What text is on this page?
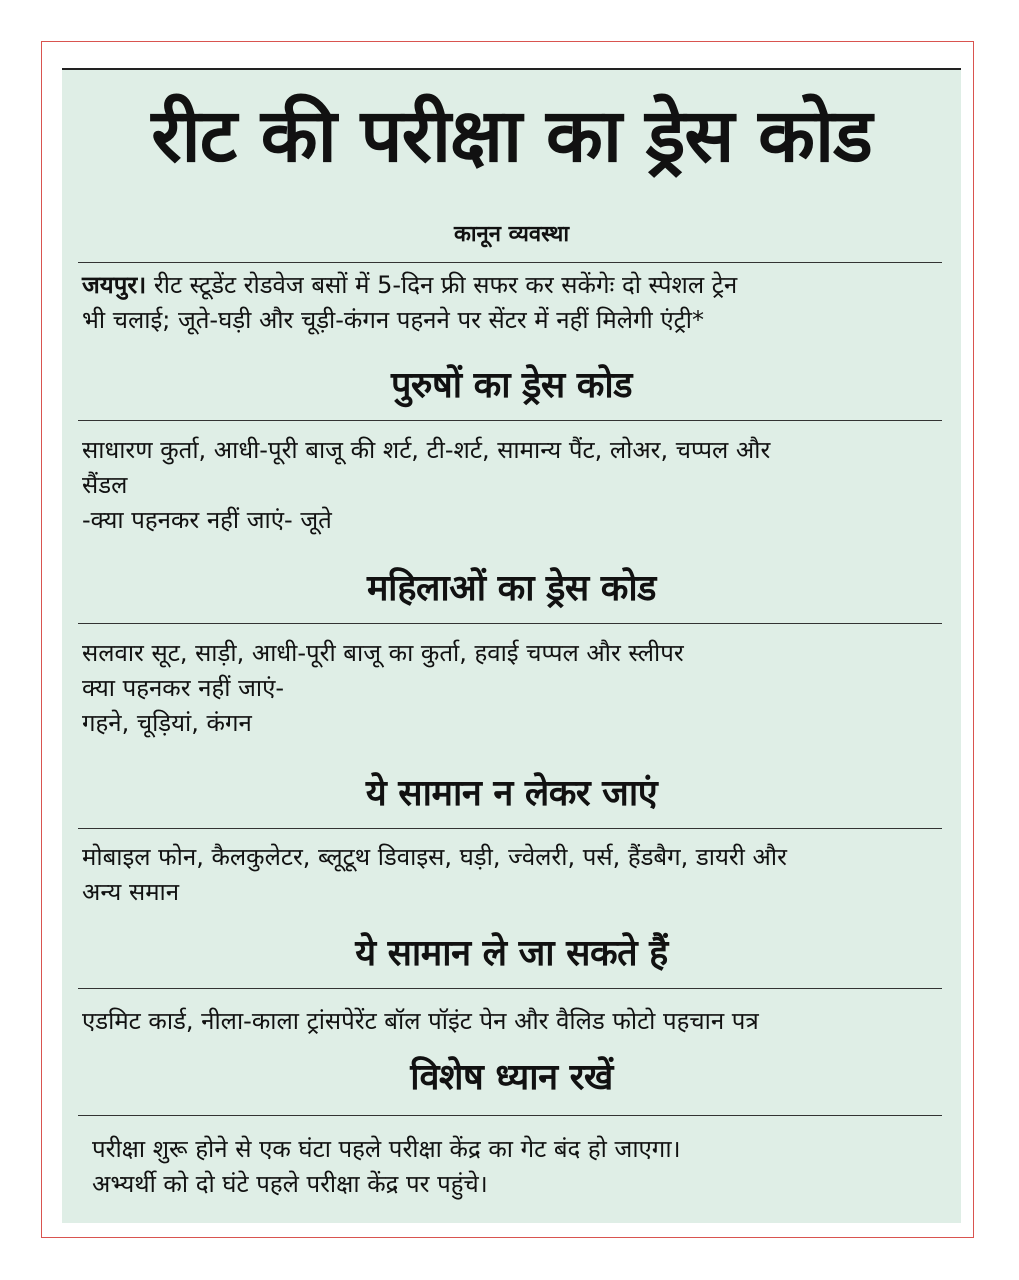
रीट की परीक्षा का ड्रेस कोड
कानून व्यवस्था
जयपुर। रीट स्टूडेंट रोडवेज बसों में 5-दिन फ्री सफर कर सकेंगेः दो स्पेशल ट्रेन
भी चलाई; जूते-घड़ी और चूड़ी-कंगन पहनने पर सेंटर में नहीं मिलेगी एंट्री*
पुरुषों का ड्रेस कोड
साधारण कुर्ता, आधी-पूरी बाजू की शर्ट, टी-शर्ट, सामान्य पैंट, लोअर, चप्पल और
सैंडल
-क्या पहनकर नहीं जाएं- जूते
महिलाओं का ड्रेस कोड
सलवार सूट, साड़ी, आधी-पूरी बाजू का कुर्ता, हवाई चप्पल और स्लीपर
क्या पहनकर नहीं जाएं-
गहने, चूड़ियां, कंगन
ये सामान न लेकर जाएं
मोबाइल फोन, कैलकुलेटर, ब्लूटूथ डिवाइस, घड़ी, ज्वेलरी, पर्स, हैंडबैग, डायरी और
अन्य समान
ये सामान ले जा सकते हैं
एडमिट कार्ड, नीला-काला ट्रांसपेरेंट बॉल पॉइंट पेन और वैलिड फोटो पहचान पत्र
विशेष ध्यान रखें
परीक्षा शुरू होने से एक घंटा पहले परीक्षा केंद्र का गेट बंद हो जाएगा।
अभ्यर्थी को दो घंटे पहले परीक्षा केंद्र पर पहुंचे।
